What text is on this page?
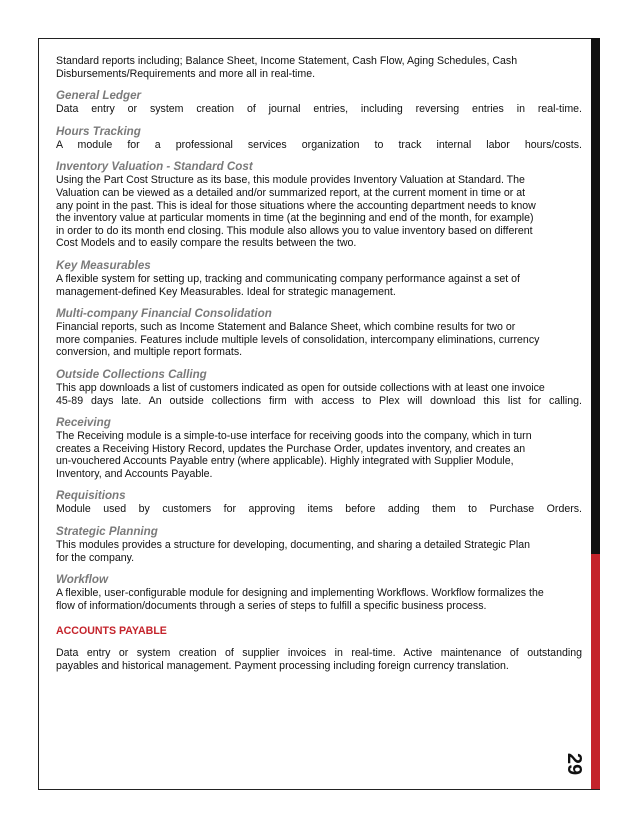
29

Standard reports including; Balance Sheet, Income Statement, Cash Flow, Aging Schedules, Cash

Disbursements/Requirements and more all in real-time.

General Ledger

Data entry or system creation of journal entries, including reversing entries in real-time.

Hours Tracking

A module for a professional services organization to track internal labor hours/costs.

Inventory Valuation - Standard Cost

Using the Part Cost Structure as its base, this module provides Inventory Valuation at Standard. The

Valuation can be viewed as a detailed and/or summarized report, at the current moment in time or at

any point in the past. This is ideal for those situations where the accounting department needs to know

the inventory value at particular moments in time (at the beginning and end of the month, for example)

in order to do its month end closing. This module also allows you to value inventory based on different

Cost Models and to easily compare the results between the two.

Key Measurables

A flexible system for setting up, tracking and communicating company performance against a set of

management-defined Key Measurables. Ideal for strategic management.

Multi-company Financial Consolidation

Financial reports, such as Income Statement and Balance Sheet, which combine results for two or

more companies. Features include multiple levels of consolidation, intercompany eliminations, currency

conversion, and multiple report formats.

Outside Collections Calling

This app downloads a list of customers indicated as open for outside collections with at least one invoice

45-89 days late. An outside collections firm with access to Plex will download this list for calling.

Receiving

The Receiving module is a simple-to-use interface for receiving goods into the company, which in turn

creates a Receiving History Record, updates the Purchase Order, updates inventory, and creates an

un-vouchered Accounts Payable entry (where applicable). Highly integrated with Supplier Module,

Inventory, and Accounts Payable.

Requisitions

Module used by customers for approving items before adding them to Purchase Orders.

Strategic Planning

This modules provides a structure for developing, documenting, and sharing a detailed Strategic Plan

for the company.

Workflow

A flexible, user-configurable module for designing and implementing Workflows. Workflow formalizes the

flow of information/documents through a series of steps to fulfill a specific business process.

ACCOUNTS PAYABLE

Data entry or system creation of supplier invoices in real-time. Active maintenance of outstanding

payables and historical management. Payment processing including foreign currency translation.
